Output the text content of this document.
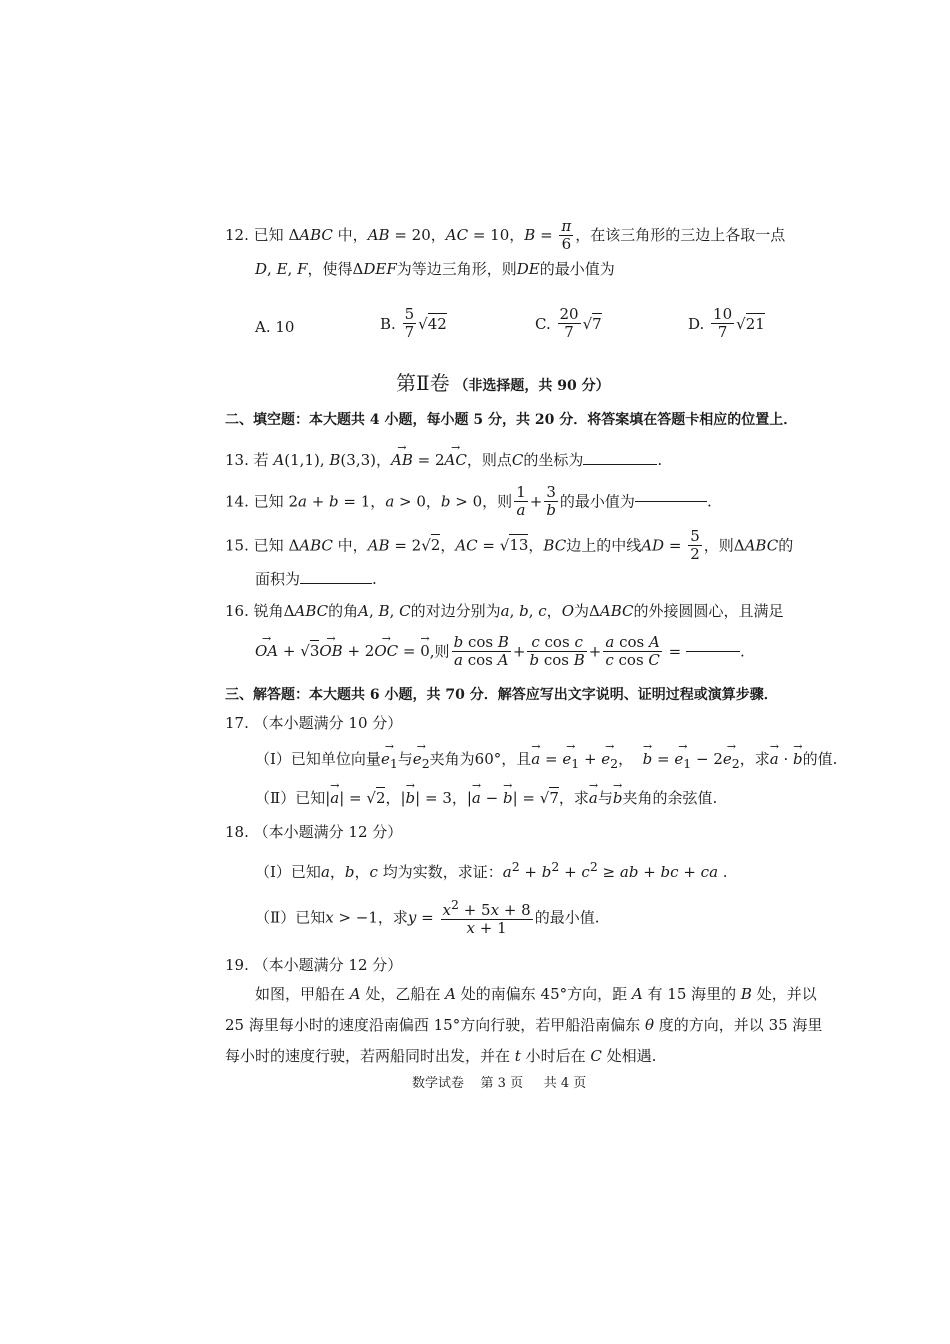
12. 已知 ΔABC 中，AB = 20，AC = 10，$B = \frac{\pi}{6}$ ，在该三角形的三边上各取一点
D, E, F，使得ΔDEF为等边三角形，则DE的最小值为
A. 10	B. $\frac{5}{7} √42$	C. $\frac{20}{7} √7$	D. $\frac{10}{7} √21$
第Ⅱ卷 （非选择题，共 90 分）
二、填空题：本大题共 4 小题，每小题 5 分，共 20 分．将答案填在答题卡相应的位置上．
13. 若 A(1,1), B(3,3)，→ AB = 2→ AC，则点C的坐标为	.
14. 已知 2a + b = 1，a > 0，b > 0，则 $\frac{1}{a} + \frac{3}{b}$ 的最小值为	.
15. 已知 ΔABC 中，AB = 2√2，AC = √13，BC边上的中线AD = $\frac{5}{2}$ ，则ΔABC的
面积为	.
16. 锐角ΔABC的角A, B, C的对边分别为a, b, c，O为ΔABC的外接圆圆心，且满足
→ OA + √3→ OB + 2→ OC = → 0,则 $\frac{\text{b cos B}}{\text{a cos A}} + \frac{\text{c cos c}}{\text{b cos B}} + \frac{\text{a cos A}}{\text{c cos C}}$ =	.
三、解答题：本大题共 6 小题，共 70 分．解答应写出文字说明、证明过程或演算步骤．
17. （本小题满分 10 分）
（Ⅰ）已知单位向量→ $e_1$与→ $e_2$夹角为60°，且→ a = → $e_1$ + → $e_2$，  → b = → $e_1 - 2\to e_2$，求→ a · → b的值.
（Ⅱ）已知|→ a| = √2，|→ b| = 3，|→ a − → b| = √7，求→ a与→ b夹角的余弦值.
18. （本小题满分 12 分）
（Ⅰ）已知a，b，c 均为实数，求证：$a^2 + b^2 + c^2$ ≥ ab + bc + ca .
（Ⅱ）已知x > −1，求$y = \frac{x^2 + 5x + 8}{x + 1}$ 的最小值.
19. （本小题满分 12 分）
如图，甲船在 A 处，乙船在 A 处的南偏东 45°方向，距 A 有 15 海里的 B 处，并以
25 海里每小时的速度沿南偏西 15°方向行驶，若甲船沿南偏东 θ 度的方向，并以 35 海里
每小时的速度行驶，若两船同时出发，并在 t 小时后在 C 处相遇.
数学试卷 第 3 页 共 4 页
